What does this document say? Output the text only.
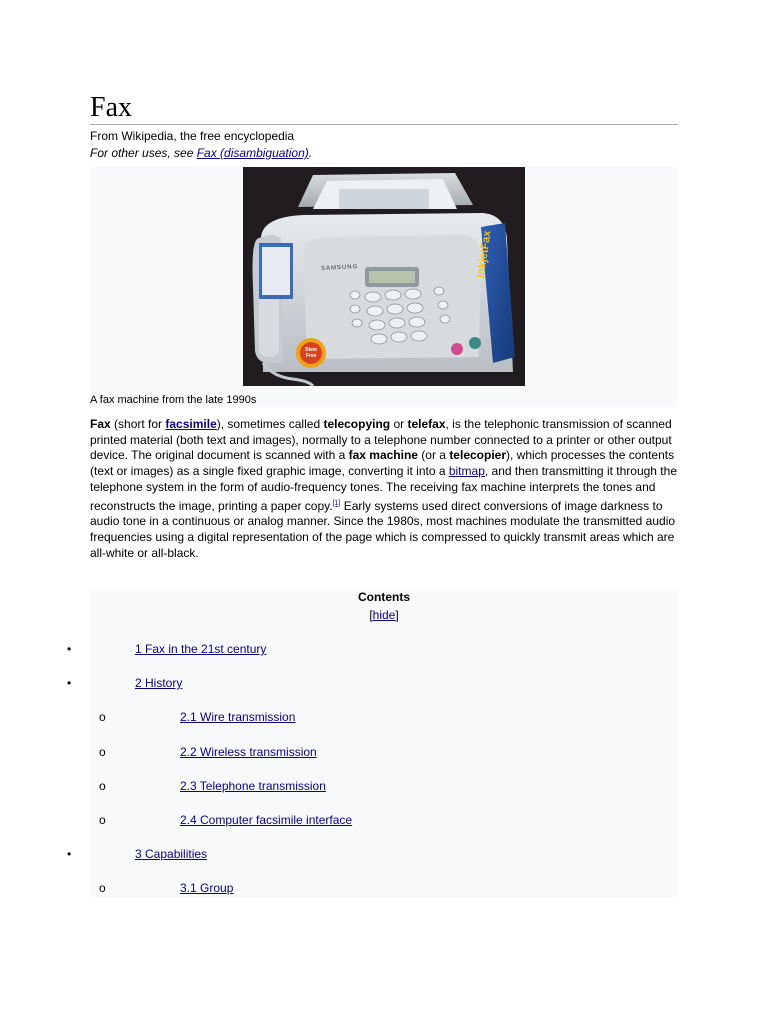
Fax
From Wikipedia, the free encyclopedia
For other uses, see Fax (disambiguation).
SAMSUNG	InkjetFax
Stew Free
A fax machine from the late 1990s
Fax (short for facsimile), sometimes called telecopying or telefax, is the telephonic transmission of scanned printed material (both text and images), normally to a telephone number connected to a printer or other output device. The original document is scanned with a fax machine (or a telecopier), which processes the contents (text or images) as a single fixed graphic image, converting it into a bitmap, and then transmitting it through the telephone system in the form of audio-frequency tones. The receiving fax machine interprets the tones and reconstructs the image, printing a paper copy.[1] Early systems used direct conversions of image darkness to audio tone in a continuous or analog manner. Since the 1980s, most machines modulate the transmitted audio frequencies using a digital representation of the page which is compressed to quickly transmit areas which are all-white or all-black.
Contents
[hide]
•	1 Fax in the 21st century
•	2 History
o	2.1 Wire transmission
o	2.2 Wireless transmission
o	2.3 Telephone transmission
o	2.4 Computer facsimile interface
•	3 Capabilities
o	3.1 Group
